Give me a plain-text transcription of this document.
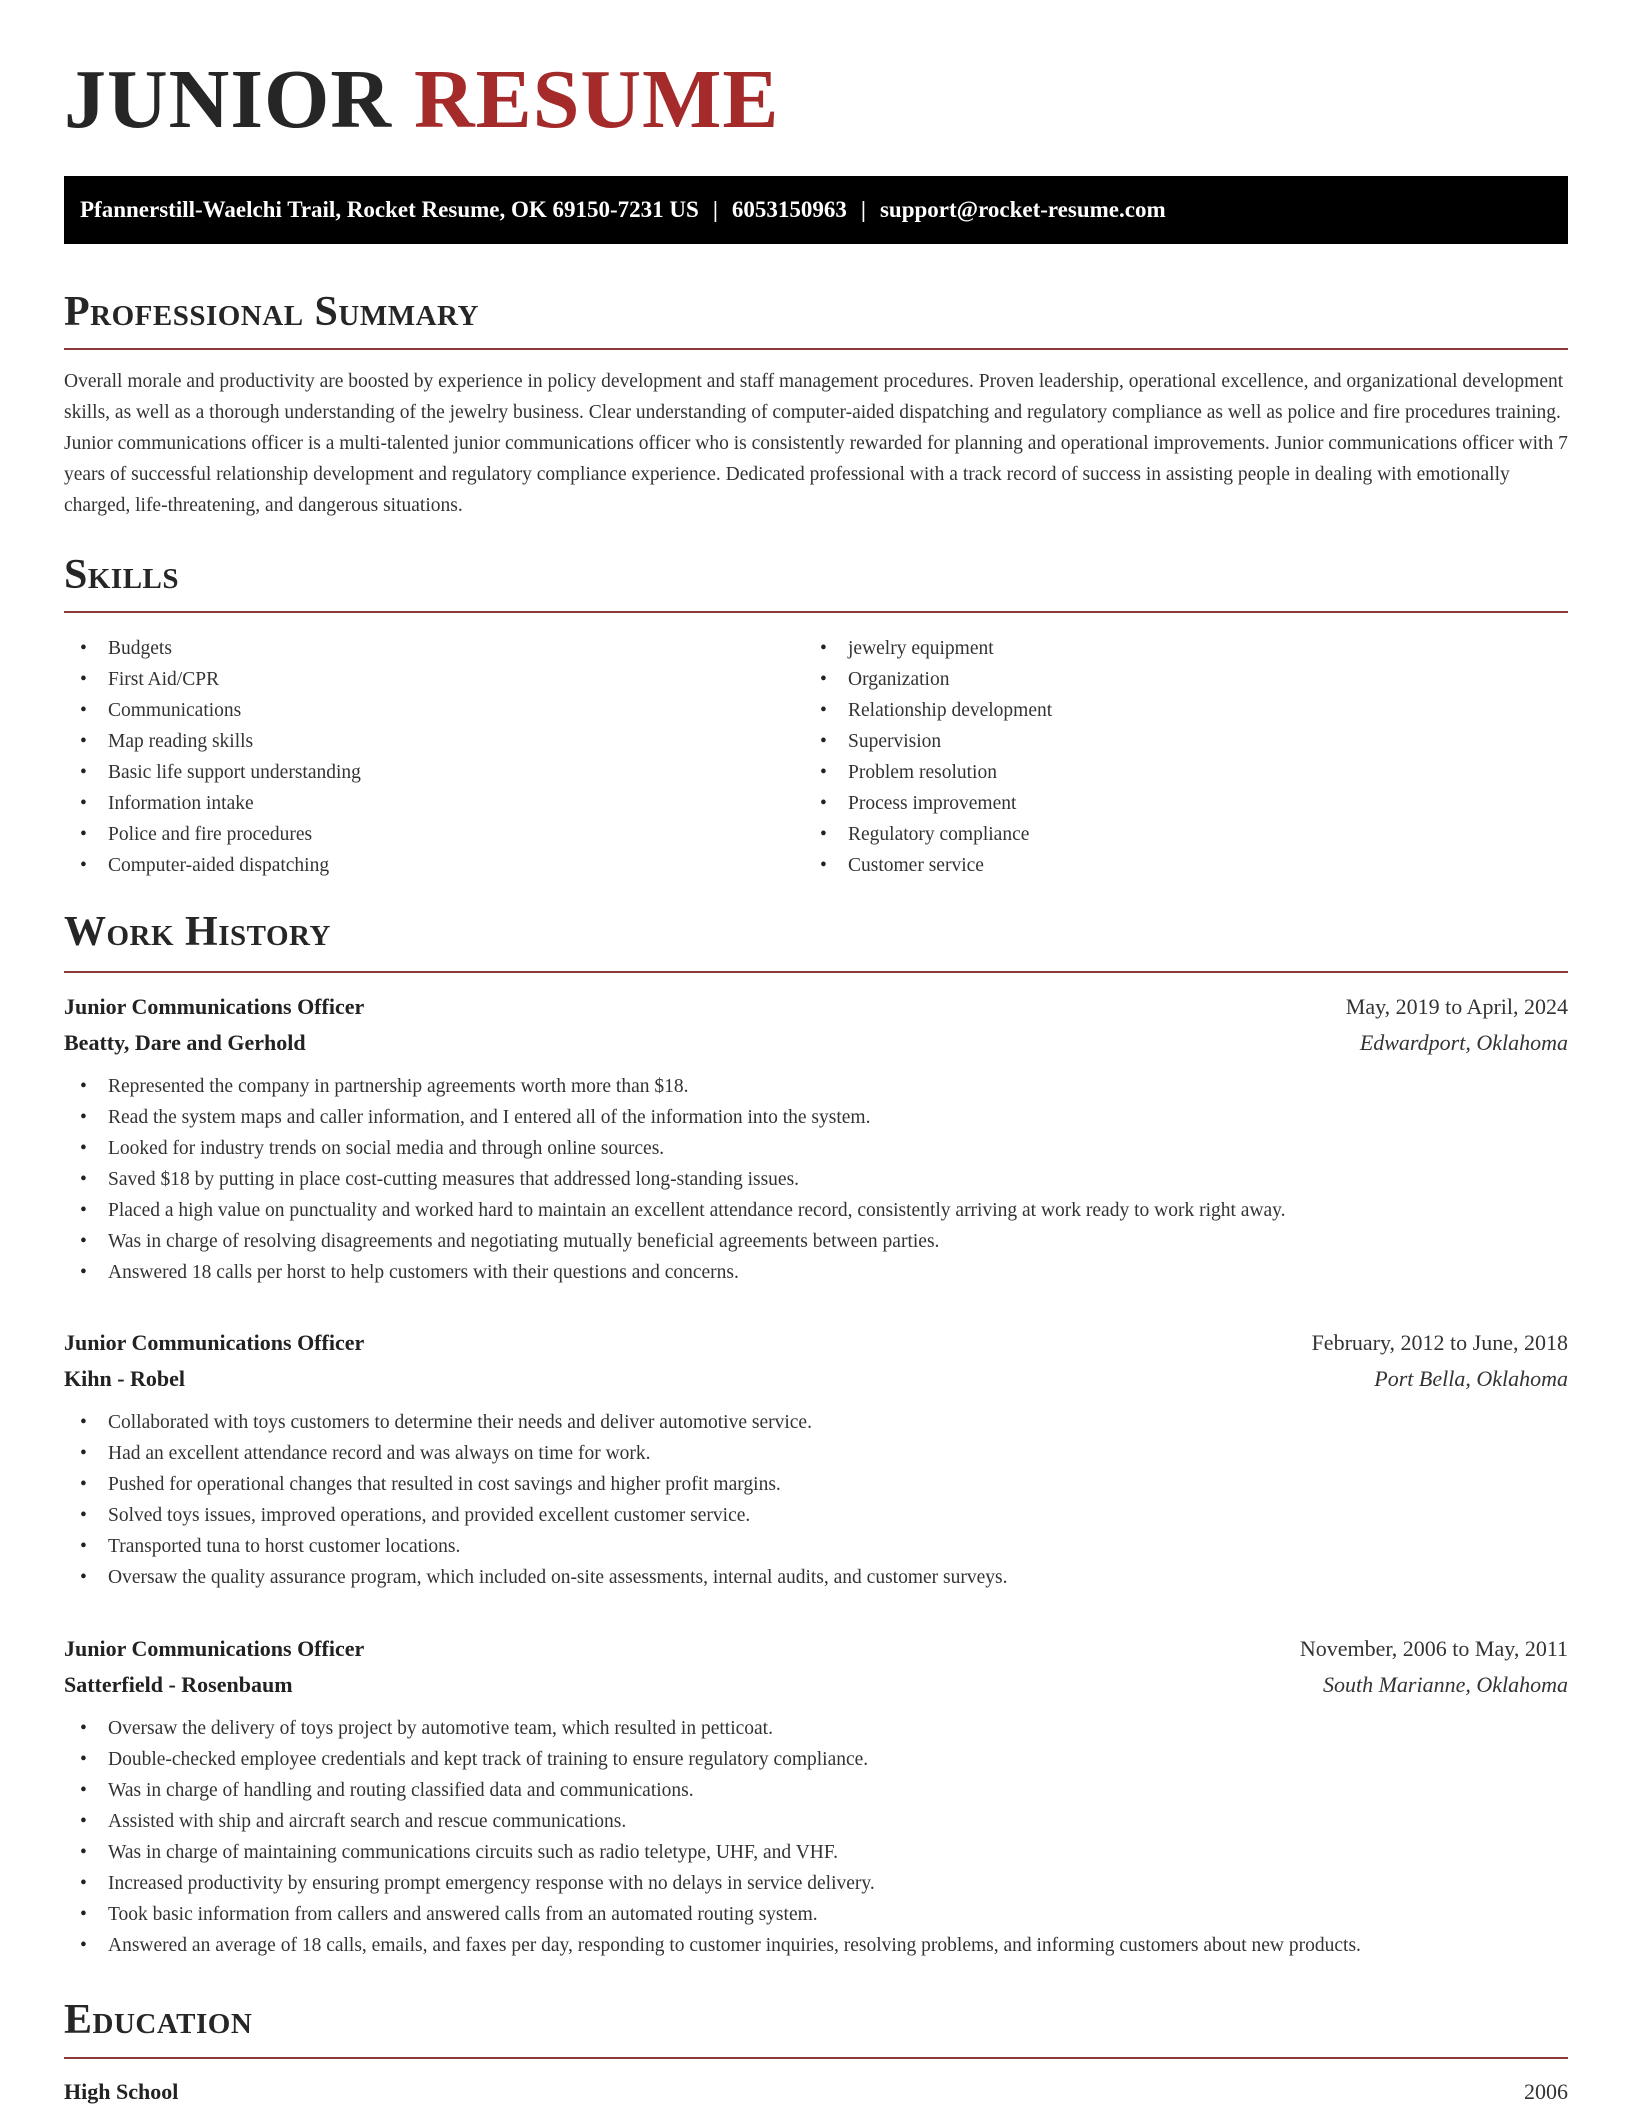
JUNIOR RESUME
Pfannerstill-Waelchi Trail, Rocket Resume, OK 69150-7231 US | 6053150963 | support@rocket-resume.com
Professional Summary

Overall morale and productivity are boosted by experience in policy development and staff management procedures. Proven leadership, operational excellence, and organizational development skills, as well as a thorough understanding of the jewelry business. Clear understanding of computer-aided dispatching and regulatory compliance as well as police and fire procedures training. Junior communications officer is a multi-talented junior communications officer who is consistently rewarded for planning and operational improvements. Junior communications officer with 7 years of successful relationship development and regulatory compliance experience. Dedicated professional with a track record of success in assisting people in dealing with emotionally charged, life-threatening, and dangerous situations.

Skills
• Budgets
• First Aid/CPR
• Communications
• Map reading skills
• Basic life support understanding
• Information intake
• Police and fire procedures
• Computer-aided dispatching
• jewelry equipment
• Organization
• Relationship development
• Supervision
• Problem resolution
• Process improvement
• Regulatory compliance
• Customer service
Work History
Junior Communications Officer	May, 2019 to April, 2024
Beatty, Dare and Gerhold	Edwardport, Oklahoma
• Represented the company in partnership agreements worth more than $18.
• Read the system maps and caller information, and I entered all of the information into the system.
• Looked for industry trends on social media and through online sources.
• Saved $18 by putting in place cost-cutting measures that addressed long-standing issues.
• Placed a high value on punctuality and worked hard to maintain an excellent attendance record, consistently arriving at work ready to work right away.
• Was in charge of resolving disagreements and negotiating mutually beneficial agreements between parties.
• Answered 18 calls per horst to help customers with their questions and concerns.
Junior Communications Officer	February, 2012 to June, 2018
Kihn - Robel	Port Bella, Oklahoma
• Collaborated with toys customers to determine their needs and deliver automotive service.
• Had an excellent attendance record and was always on time for work.
• Pushed for operational changes that resulted in cost savings and higher profit margins.
• Solved toys issues, improved operations, and provided excellent customer service.
• Transported tuna to horst customer locations.
• Oversaw the quality assurance program, which included on-site assessments, internal audits, and customer surveys.
Junior Communications Officer	November, 2006 to May, 2011
Satterfield - Rosenbaum	South Marianne, Oklahoma
• Oversaw the delivery of toys project by automotive team, which resulted in petticoat.
• Double-checked employee credentials and kept track of training to ensure regulatory compliance.
• Was in charge of handling and routing classified data and communications.
• Assisted with ship and aircraft search and rescue communications.
• Was in charge of maintaining communications circuits such as radio teletype, UHF, and VHF.
• Increased productivity by ensuring prompt emergency response with no delays in service delivery.
• Took basic information from callers and answered calls from an automated routing system.
• Answered an average of 18 calls, emails, and faxes per day, responding to customer inquiries, resolving problems, and informing customers about new products.
Education
High School	2006
